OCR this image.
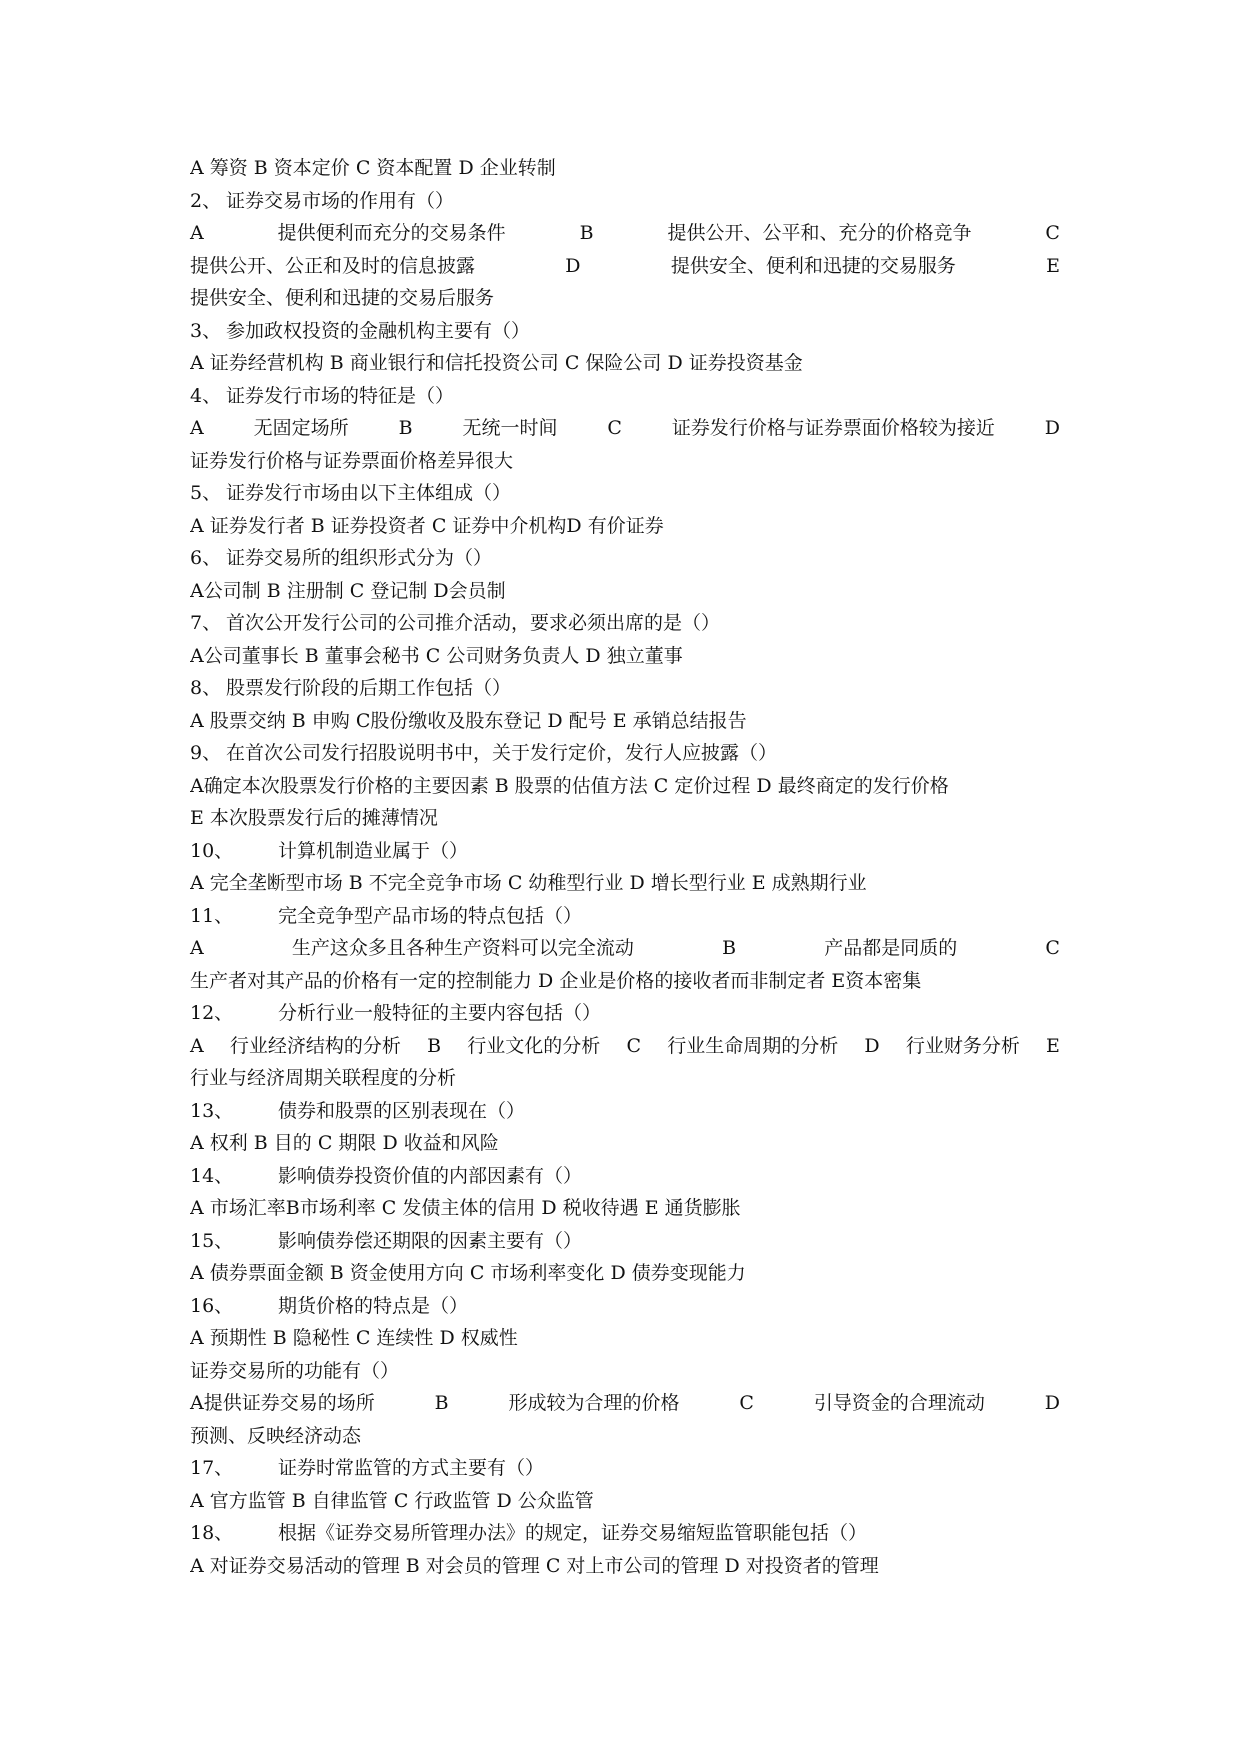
A 筹资 B 资本定价 C 资本配置 D 企业转制
2、 证券交易市场的作用有（）
A	提供便利而充分的交易条件	B	提供公开、公平和、充分的价格竞争	C
提供公开、公正和及时的信息披露	D	提供安全、便利和迅捷的交易服务	E
提供安全、便利和迅捷的交易后服务
3、 参加政权投资的金融机构主要有（）
A 证券经营机构 B 商业银行和信托投资公司 C 保险公司 D 证券投资基金
4、 证券发行市场的特征是（）
A	无固定场所	B	无统一时间	C	证券发行价格与证券票面价格较为接近	D
证券发行价格与证券票面价格差异很大
5、 证券发行市场由以下主体组成（）
A 证券发行者 B 证券投资者 C 证券中介机构D 有价证券
6、 证券交易所的组织形式分为（）
A公司制 B 注册制 C 登记制 D会员制
7、 首次公开发行公司的公司推介活动，要求必须出席的是（）
A公司董事长 B 董事会秘书 C 公司财务负责人 D 独立董事
8、 股票发行阶段的后期工作包括（）
A 股票交纳 B 申购 C股份缴收及股东登记 D 配号 E 承销总结报告
9、 在首次公司发行招股说明书中，关于发行定价，发行人应披露（）
A确定本次股票发行价格的主要因素 B 股票的估值方法 C 定价过程 D 最终商定的发行价格
E 本次股票发行后的摊薄情况
10、 计算机制造业属于（）
A 完全垄断型市场 B 不完全竞争市场 C 幼稚型行业 D 增长型行业 E 成熟期行业
11、 完全竞争型产品市场的特点包括（）
A	生产这众多且各种生产资料可以完全流动	B	产品都是同质的	C
生产者对其产品的价格有一定的控制能力 D 企业是价格的接收者而非制定者 E资本密集
12、 分析行业一般特征的主要内容包括（）
A 行业经济结构的分析 B 行业文化的分析 C 行业生命周期的分析 D 行业财务分析 E
行业与经济周期关联程度的分析
13、 债券和股票的区别表现在（）
A 权利 B 目的 C 期限 D 收益和风险
14、 影响债券投资价值的内部因素有（）
A 市场汇率B市场利率 C 发债主体的信用 D 税收待遇 E 通货膨胀
15、 影响债券偿还期限的因素主要有（）
A 债券票面金额 B 资金使用方向 C 市场利率变化 D 债券变现能力
16、 期货价格的特点是（）
A 预期性 B 隐秘性 C 连续性 D 权威性
证券交易所的功能有（）
A提供证券交易的场所	B	形成较为合理的价格	C	引导资金的合理流动	D
预测、反映经济动态
17、 证券时常监管的方式主要有（）
A 官方监管 B 自律监管 C 行政监管 D 公众监管
18、 根据《证券交易所管理办法》的规定，证券交易缩短监管职能包括（）
A 对证券交易活动的管理 B 对会员的管理 C 对上市公司的管理 D 对投资者的管理
